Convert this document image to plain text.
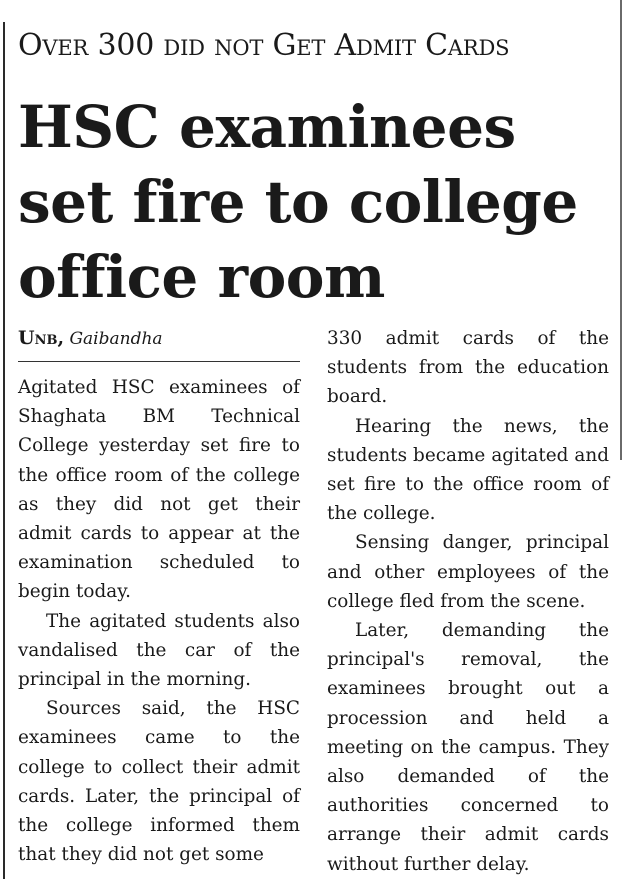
Over 300 did not Get Admit Cards
HSC examinees set fire to college office room
Unb, Gaibandha

Agitated HSC examinees of Shaghata BM Technical College yesterday set fire to the office room of the college as they did not get their admit cards to appear at the examination scheduled to begin today.

The agitated students also vandalised the car of the principal in the morning.

Sources said, the HSC examinees came to the college to collect their admit cards. Later, the principal of the college informed them that they did not get some

330 admit cards of the students from the education board.

Hearing the news, the students became agitated and set fire to the office room of the college.

Sensing danger, principal and other employees of the college fled from the scene.

Later, demanding the principal's removal, the examinees brought out a procession and held a meeting on the campus. They also demanded of the authorities concerned to arrange their admit cards without further delay.
